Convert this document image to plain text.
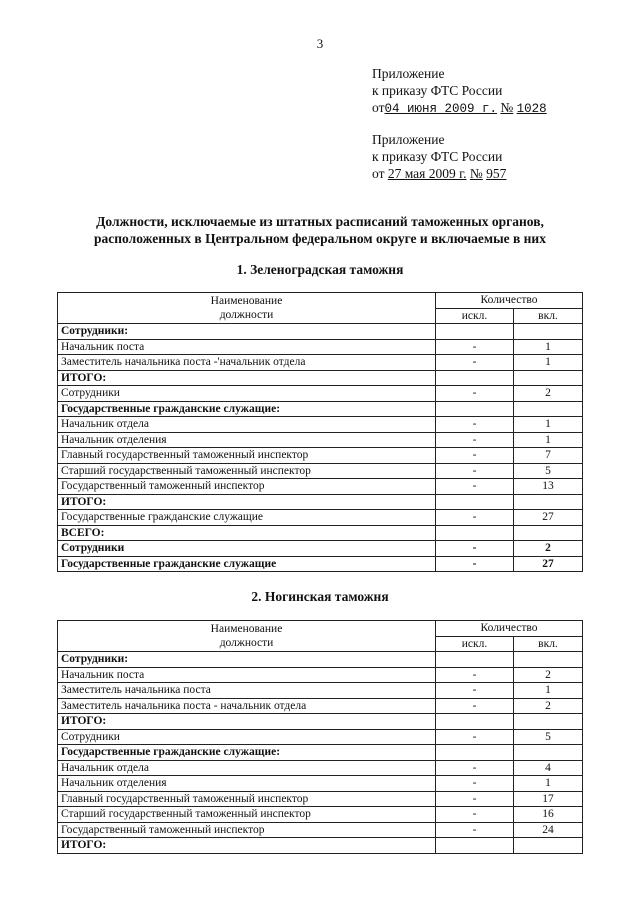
3
Приложение
к приказу ФТС России
от04 июня 2009 г. № 1028
Приложение
к приказу ФТС России
от 27 мая 2009 г. № 957
Должности, исключаемые из штатных расписаний таможенных органов,
расположенных в Центральном федеральном округе и включаемые в них
1. Зеленоградская таможня
Наименование
должности	Количество	
	искл.	вкл.
Сотрудники:		
Начальник поста	-	1
Заместитель начальника поста -'начальник отдела	-	1
ИТОГО:		
Сотрудники	-	2
Государственные гражданские служащие:		
Начальник отдела	-	1
Начальник отделения	-	1
Главный государственный таможенный инспектор	-	7
Старший государственный таможенный инспектор	-	5
Государственный таможенный инспектор	-	13
ИТОГО:		
Государственные гражданские служащие	-	27
ВСЕГО:		
Сотрудники	-	2
Государственные гражданские служащие	-	27
2. Ногинская таможня
Наименование
должности	Количество	
	искл.	вкл.
Сотрудники:		
Начальник поста	-	2
Заместитель начальника поста	-	1
Заместитель начальника поста - начальник отдела	-	2
ИТОГО:		
Сотрудники	-	5
Государственные гражданские служащие:		
Начальник отдела	-	4
Начальник отделения	-	1
Главный государственный таможенный инспектор	-	17
Старший государственный таможенный инспектор	-	16
Государственный таможенный инспектор	-	24
ИТОГО:		
